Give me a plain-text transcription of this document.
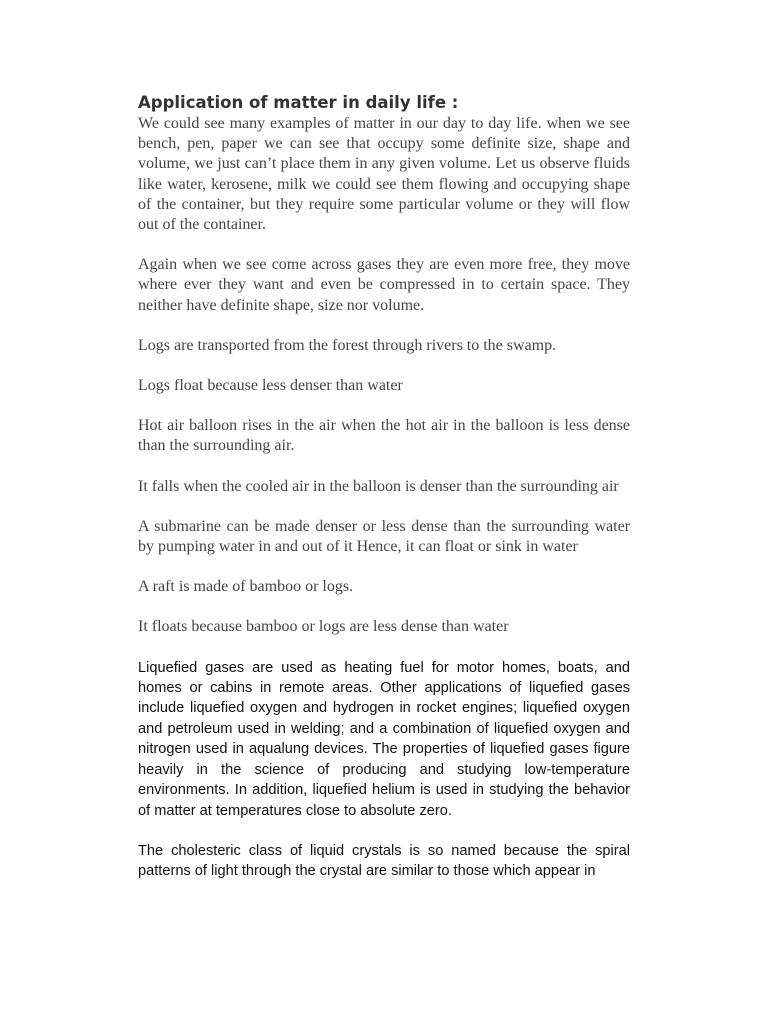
Application of matter in daily life :

We could see many examples of matter in our day to day life. when we see bench, pen, paper we can see that occupy some definite size, shape and volume, we just can’t place them in any given volume. Let us observe fluids like water, kerosene, milk we could see them flowing and occupying shape of the container, but they require some particular volume or they will flow out of the container.

Again when we see come across gases they are even more free, they move where ever they want and even be compressed in to certain space. They neither have definite shape, size nor volume.

Logs are transported from the forest through rivers to the swamp.

Logs float because less denser than water

Hot air balloon rises in the air when the hot air in the balloon is less dense than the surrounding air.

It falls when the cooled air in the balloon is denser than the surrounding air

A submarine can be made denser or less dense than the surrounding water by pumping water in and out of it Hence, it can float or sink in water

A raft is made of bamboo or logs.

It floats because bamboo or logs are less dense than water

Liquefied gases are used as heating fuel for motor homes, boats, and homes or cabins in remote areas. Other applications of liquefied gases include liquefied oxygen and hydrogen in rocket engines; liquefied oxygen and petroleum used in welding; and a combination of liquefied oxygen and nitrogen used in aqualung devices. The properties of liquefied gases figure heavily in the science of producing and studying low-temperature environments. In addition, liquefied helium is used in studying the behavior of matter at temperatures close to absolute zero.

The cholesteric class of liquid crystals is so named because the spiral patterns of light through the crystal are similar to those which appear in
